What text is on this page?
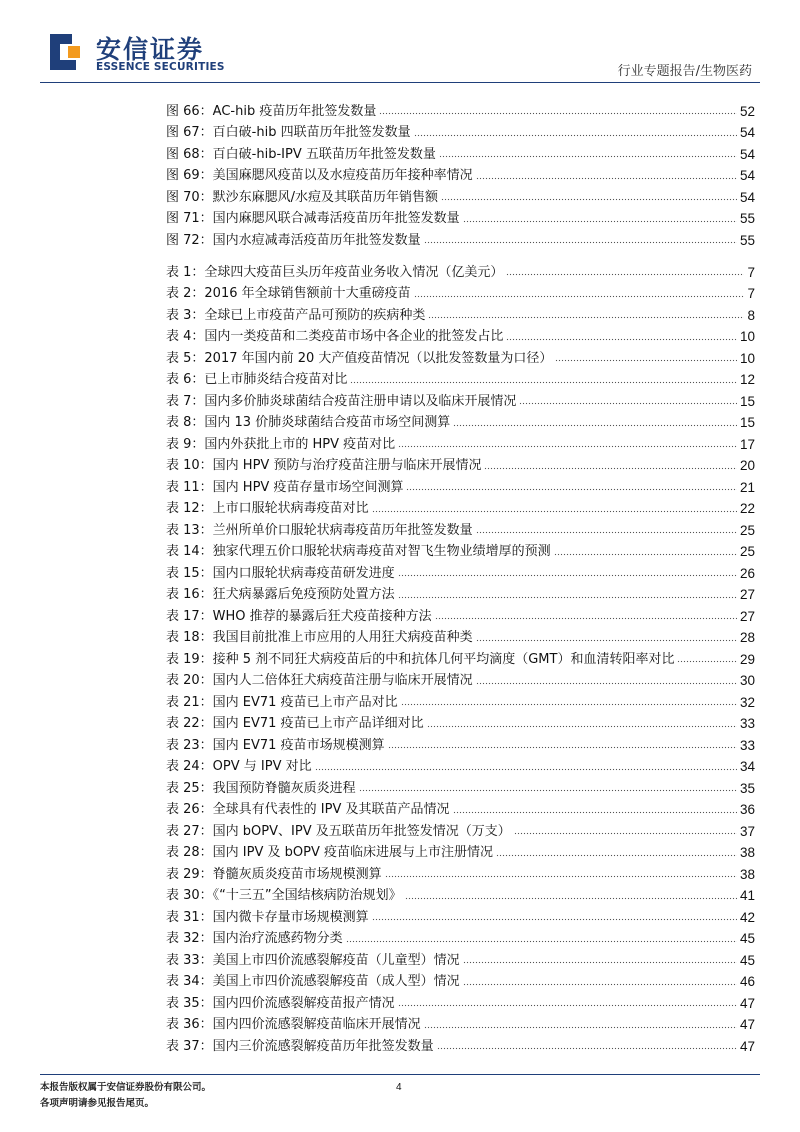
安信证券
ESSENCE SECURITIES	行业专题报告/生物医药
图 66：AC-hib 疫苗历年批签发数量	52
图 67：百白破-hib 四联苗历年批签发数量	54
图 68：百白破-hib-IPV 五联苗历年批签发数量	54
图 69：美国麻腮风疫苗以及水痘疫苗历年接种率情况	54
图 70：默沙东麻腮风/水痘及其联苗历年销售额	54
图 71：国内麻腮风联合减毒活疫苗历年批签发数量	55
图 72：国内水痘减毒活疫苗历年批签发数量	55
表 1：全球四大疫苗巨头历年疫苗业务收入情况（亿美元）	7
表 2：2016 年全球销售额前十大重磅疫苗	7
表 3：全球已上市疫苗产品可预防的疾病种类	8
表 4：国内一类疫苗和二类疫苗市场中各企业的批签发占比	10
表 5：2017 年国内前 20 大产值疫苗情况（以批发签数量为口径）	10
表 6：已上市肺炎结合疫苗对比	12
表 7：国内多价肺炎球菌结合疫苗注册申请以及临床开展情况	15
表 8：国内 13 价肺炎球菌结合疫苗市场空间测算	15
表 9：国内外获批上市的 HPV 疫苗对比	17
表 10：国内 HPV 预防与治疗疫苗注册与临床开展情况	20
表 11：国内 HPV 疫苗存量市场空间测算	21
表 12：上市口服轮状病毒疫苗对比	22
表 13：兰州所单价口服轮状病毒疫苗历年批签发数量	25
表 14：独家代理五价口服轮状病毒疫苗对智飞生物业绩增厚的预测	25
表 15：国内口服轮状病毒疫苗研发进度	26
表 16：狂犬病暴露后免疫预防处置方法	27
表 17：WHO 推荐的暴露后狂犬疫苗接种方法	27
表 18：我国目前批准上市应用的人用狂犬病疫苗种类	28
表 19：接种 5 剂不同狂犬病疫苗后的中和抗体几何平均滴度（GMT）和血清转阳率对比	29
表 20：国内人二倍体狂犬病疫苗注册与临床开展情况	30
表 21：国内 EV71 疫苗已上市产品对比	32
表 22：国内 EV71 疫苗已上市产品详细对比	33
表 23：国内 EV71 疫苗市场规模测算	33
表 24：OPV 与 IPV 对比	34
表 25：我国预防脊髓灰质炎进程	35
表 26：全球具有代表性的 IPV 及其联苗产品情况	36
表 27：国内 bOPV、IPV 及五联苗历年批签发情况（万支）	37
表 28：国内 IPV 及 bOPV 疫苗临床进展与上市注册情况	38
表 29：脊髓灰质炎疫苗市场规模测算	38
表 30：《“十三五”全国结核病防治规划》	41
表 31：国内微卡存量市场规模测算	42
表 32：国内治疗流感药物分类	45
表 33：美国上市四价流感裂解疫苗（儿童型）情况	45
表 34：美国上市四价流感裂解疫苗（成人型）情况	46
表 35：国内四价流感裂解疫苗报产情况	47
表 36：国内四价流感裂解疫苗临床开展情况	47
表 37：国内三价流感裂解疫苗历年批签发数量	47
本报告版权属于安信证券股份有限公司。
各项声明请参见报告尾页。
4
